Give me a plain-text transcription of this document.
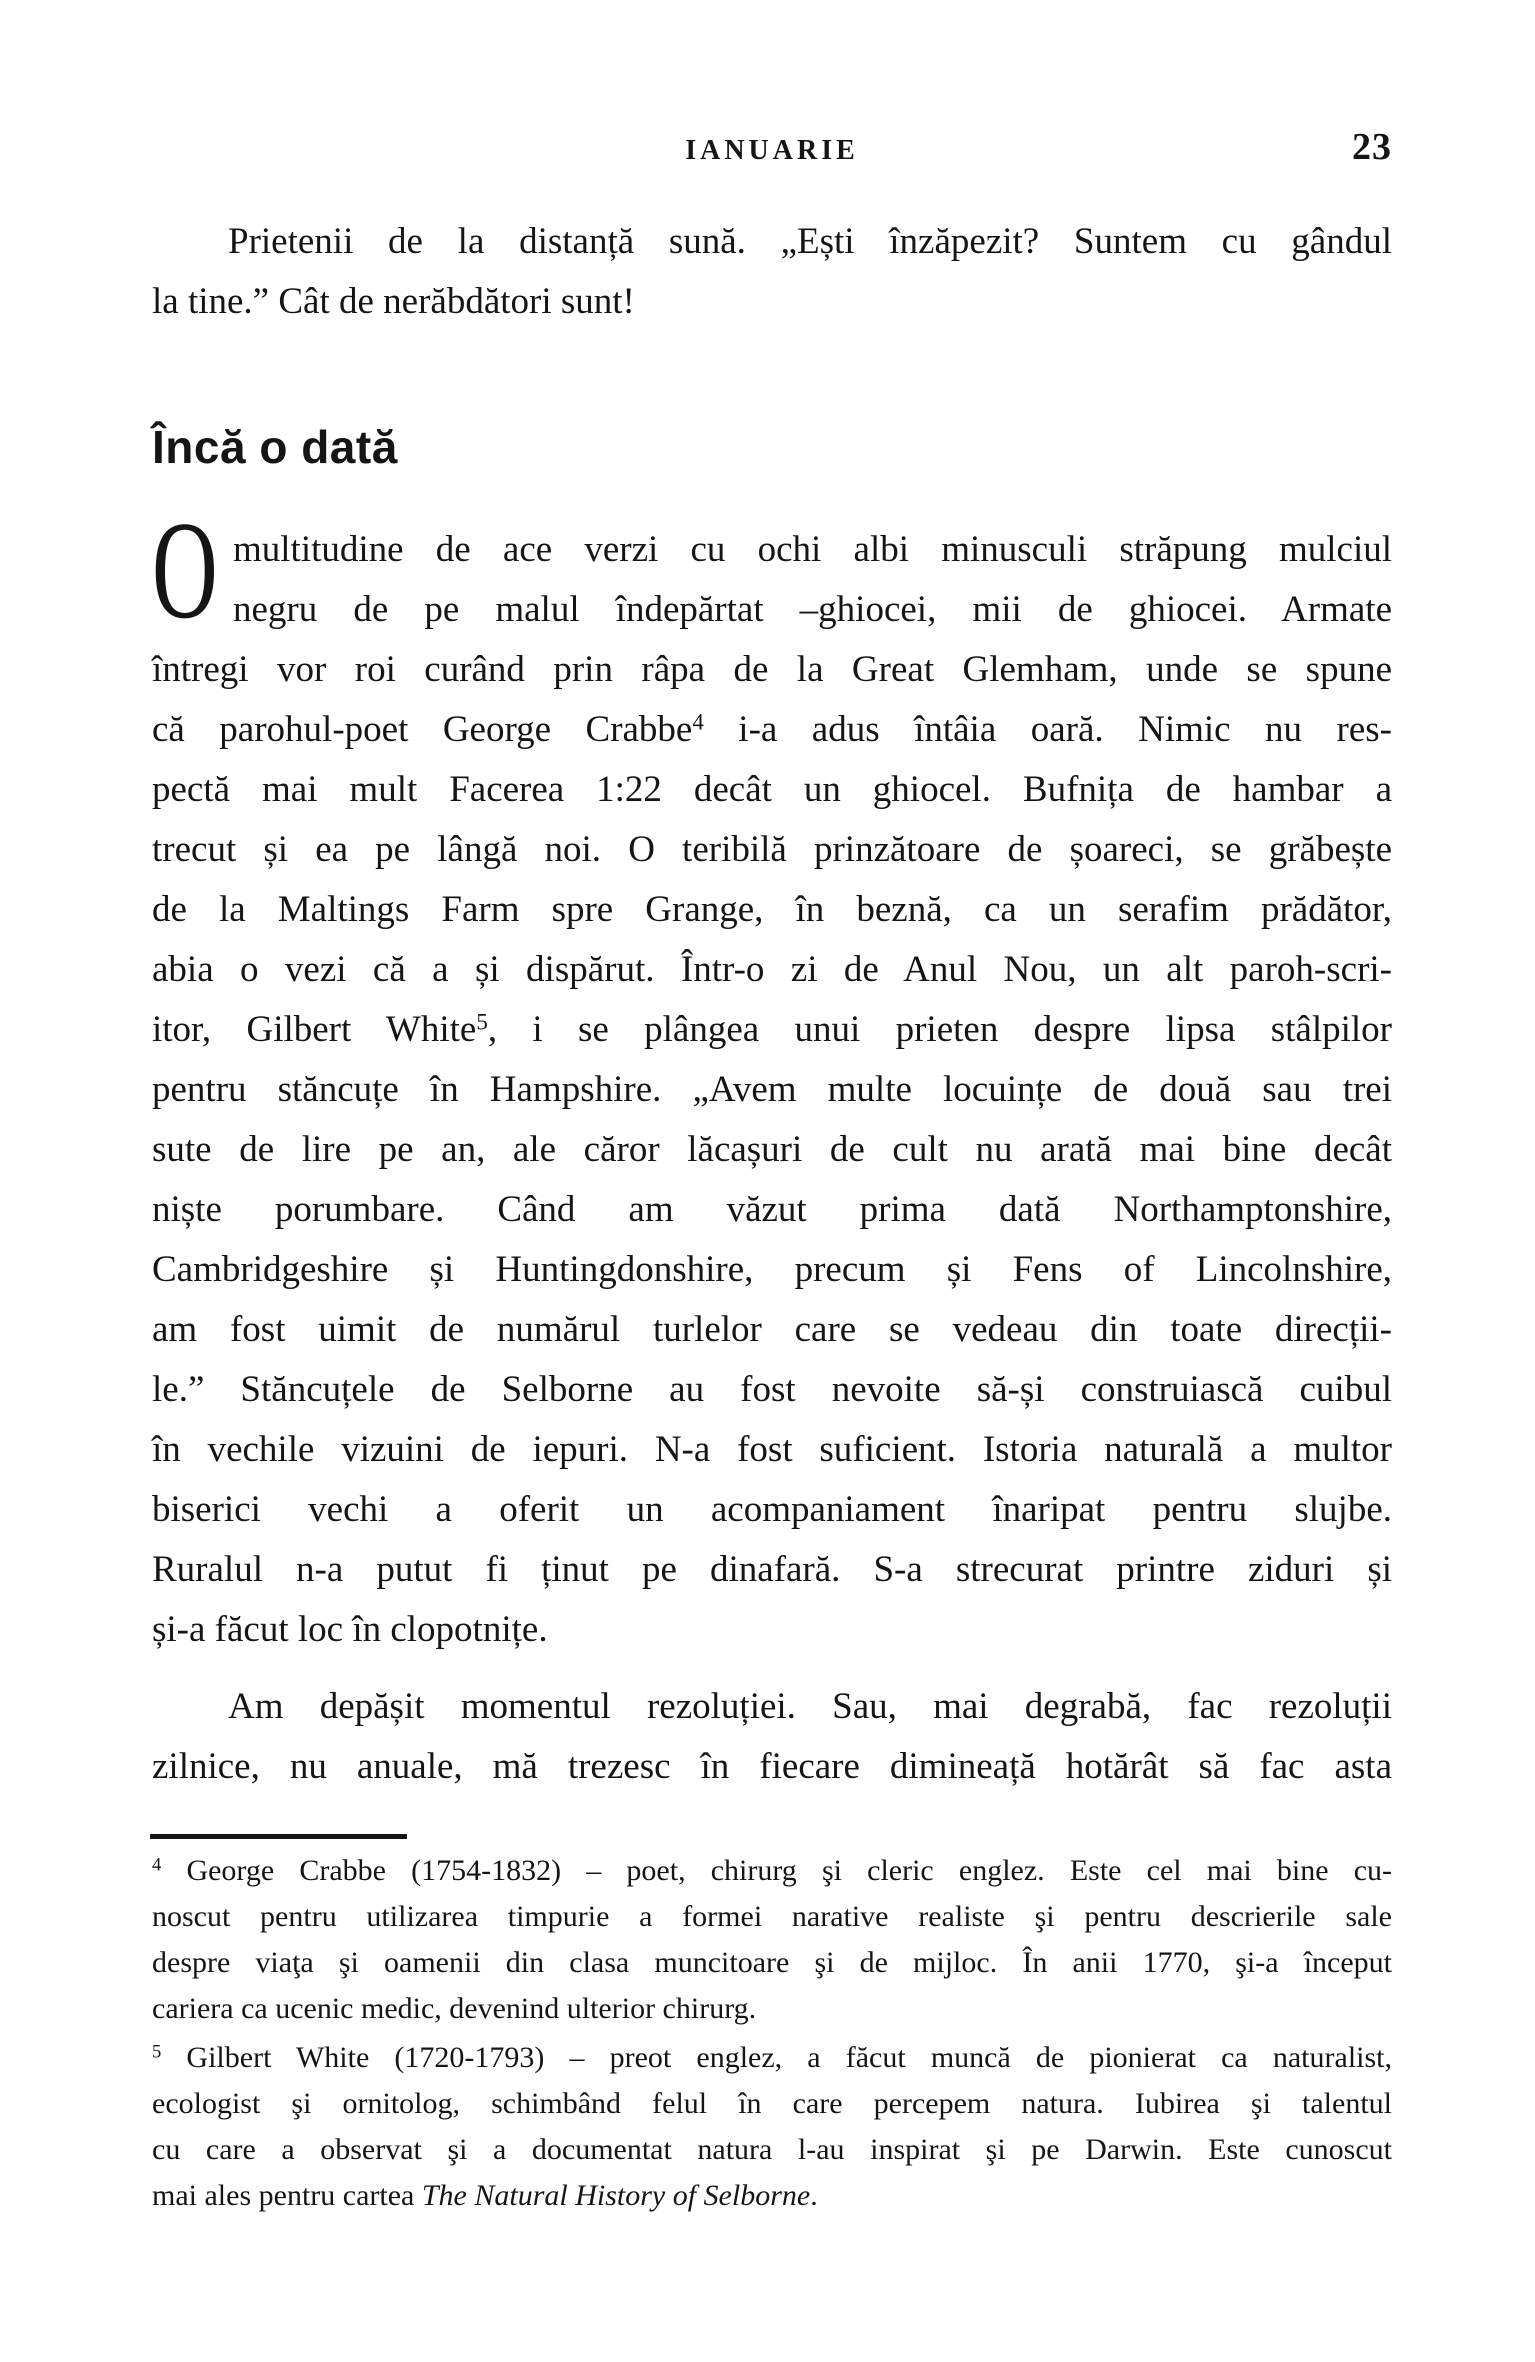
IANUARIE	23
Prietenii de la distanță sună. „Ești înzăpezit? Suntem cu gândul
la tine.” Cât de nerăbdători sunt!
Încă o dată
O multitudine de ace verzi cu ochi albi minusculi străpung mulciul
negru de pe malul îndepărtat –ghiocei, mii de ghiocei. Armate
întregi vor roi curând prin râpa de la Great Glemham, unde se spune
că parohul-poet George Crabbe$^4$ i-a adus întâia oară. Nimic nu res-
pectă mai mult Facerea 1:22 decât un ghiocel. Bufnița de hambar a
trecut și ea pe lângă noi. O teribilă prinzătoare de șoareci, se grăbește
de la Maltings Farm spre Grange, în beznă, ca un serafim prădător,
abia o vezi că a și dispărut. Într-o zi de Anul Nou, un alt paroh-scri-
itor, Gilbert White$^5$, i se plângea unui prieten despre lipsa stâlpilor
pentru stăncuțe în Hampshire. „Avem multe locuințe de două sau trei
sute de lire pe an, ale căror lăcașuri de cult nu arată mai bine decât
niște porumbare. Când am văzut prima dată Northamptonshire,
Cambridgeshire și Huntingdonshire, precum și Fens of Lincolnshire,
am fost uimit de numărul turlelor care se vedeau din toate direcții-
le.” Stăncuțele de Selborne au fost nevoite să-și construiască cuibul
în vechile vizuini de iepuri. N-a fost suficient. Istoria naturală a multor
biserici vechi a oferit un acompaniament înaripat pentru slujbe.
Ruralul n-a putut fi ținut pe dinafară. S-a strecurat printre ziduri și
și-a făcut loc în clopotnițe.
Am depășit momentul rezoluției. Sau, mai degrabă, fac rezoluții
zilnice, nu anuale, mă trezesc în fiecare dimineață hotărât să fac asta
$^4$ George Crabbe (1754-1832) – poet, chirurg şi cleric englez. Este cel mai bine cu-
noscut pentru utilizarea timpurie a formei narative realiste şi pentru descrierile sale
despre viaţa şi oamenii din clasa muncitoare şi de mijloc. În anii 1770, şi-a început
cariera ca ucenic medic, devenind ulterior chirurg.
$^5$ Gilbert White (1720-1793) – preot englez, a făcut muncă de pionierat ca naturalist,
ecologist şi ornitolog, schimbând felul în care percepem natura. Iubirea şi talentul
cu care a observat şi a documentat natura l-au inspirat şi pe Darwin. Este cunoscut
mai ales pentru cartea The Natural History of Selborne.
